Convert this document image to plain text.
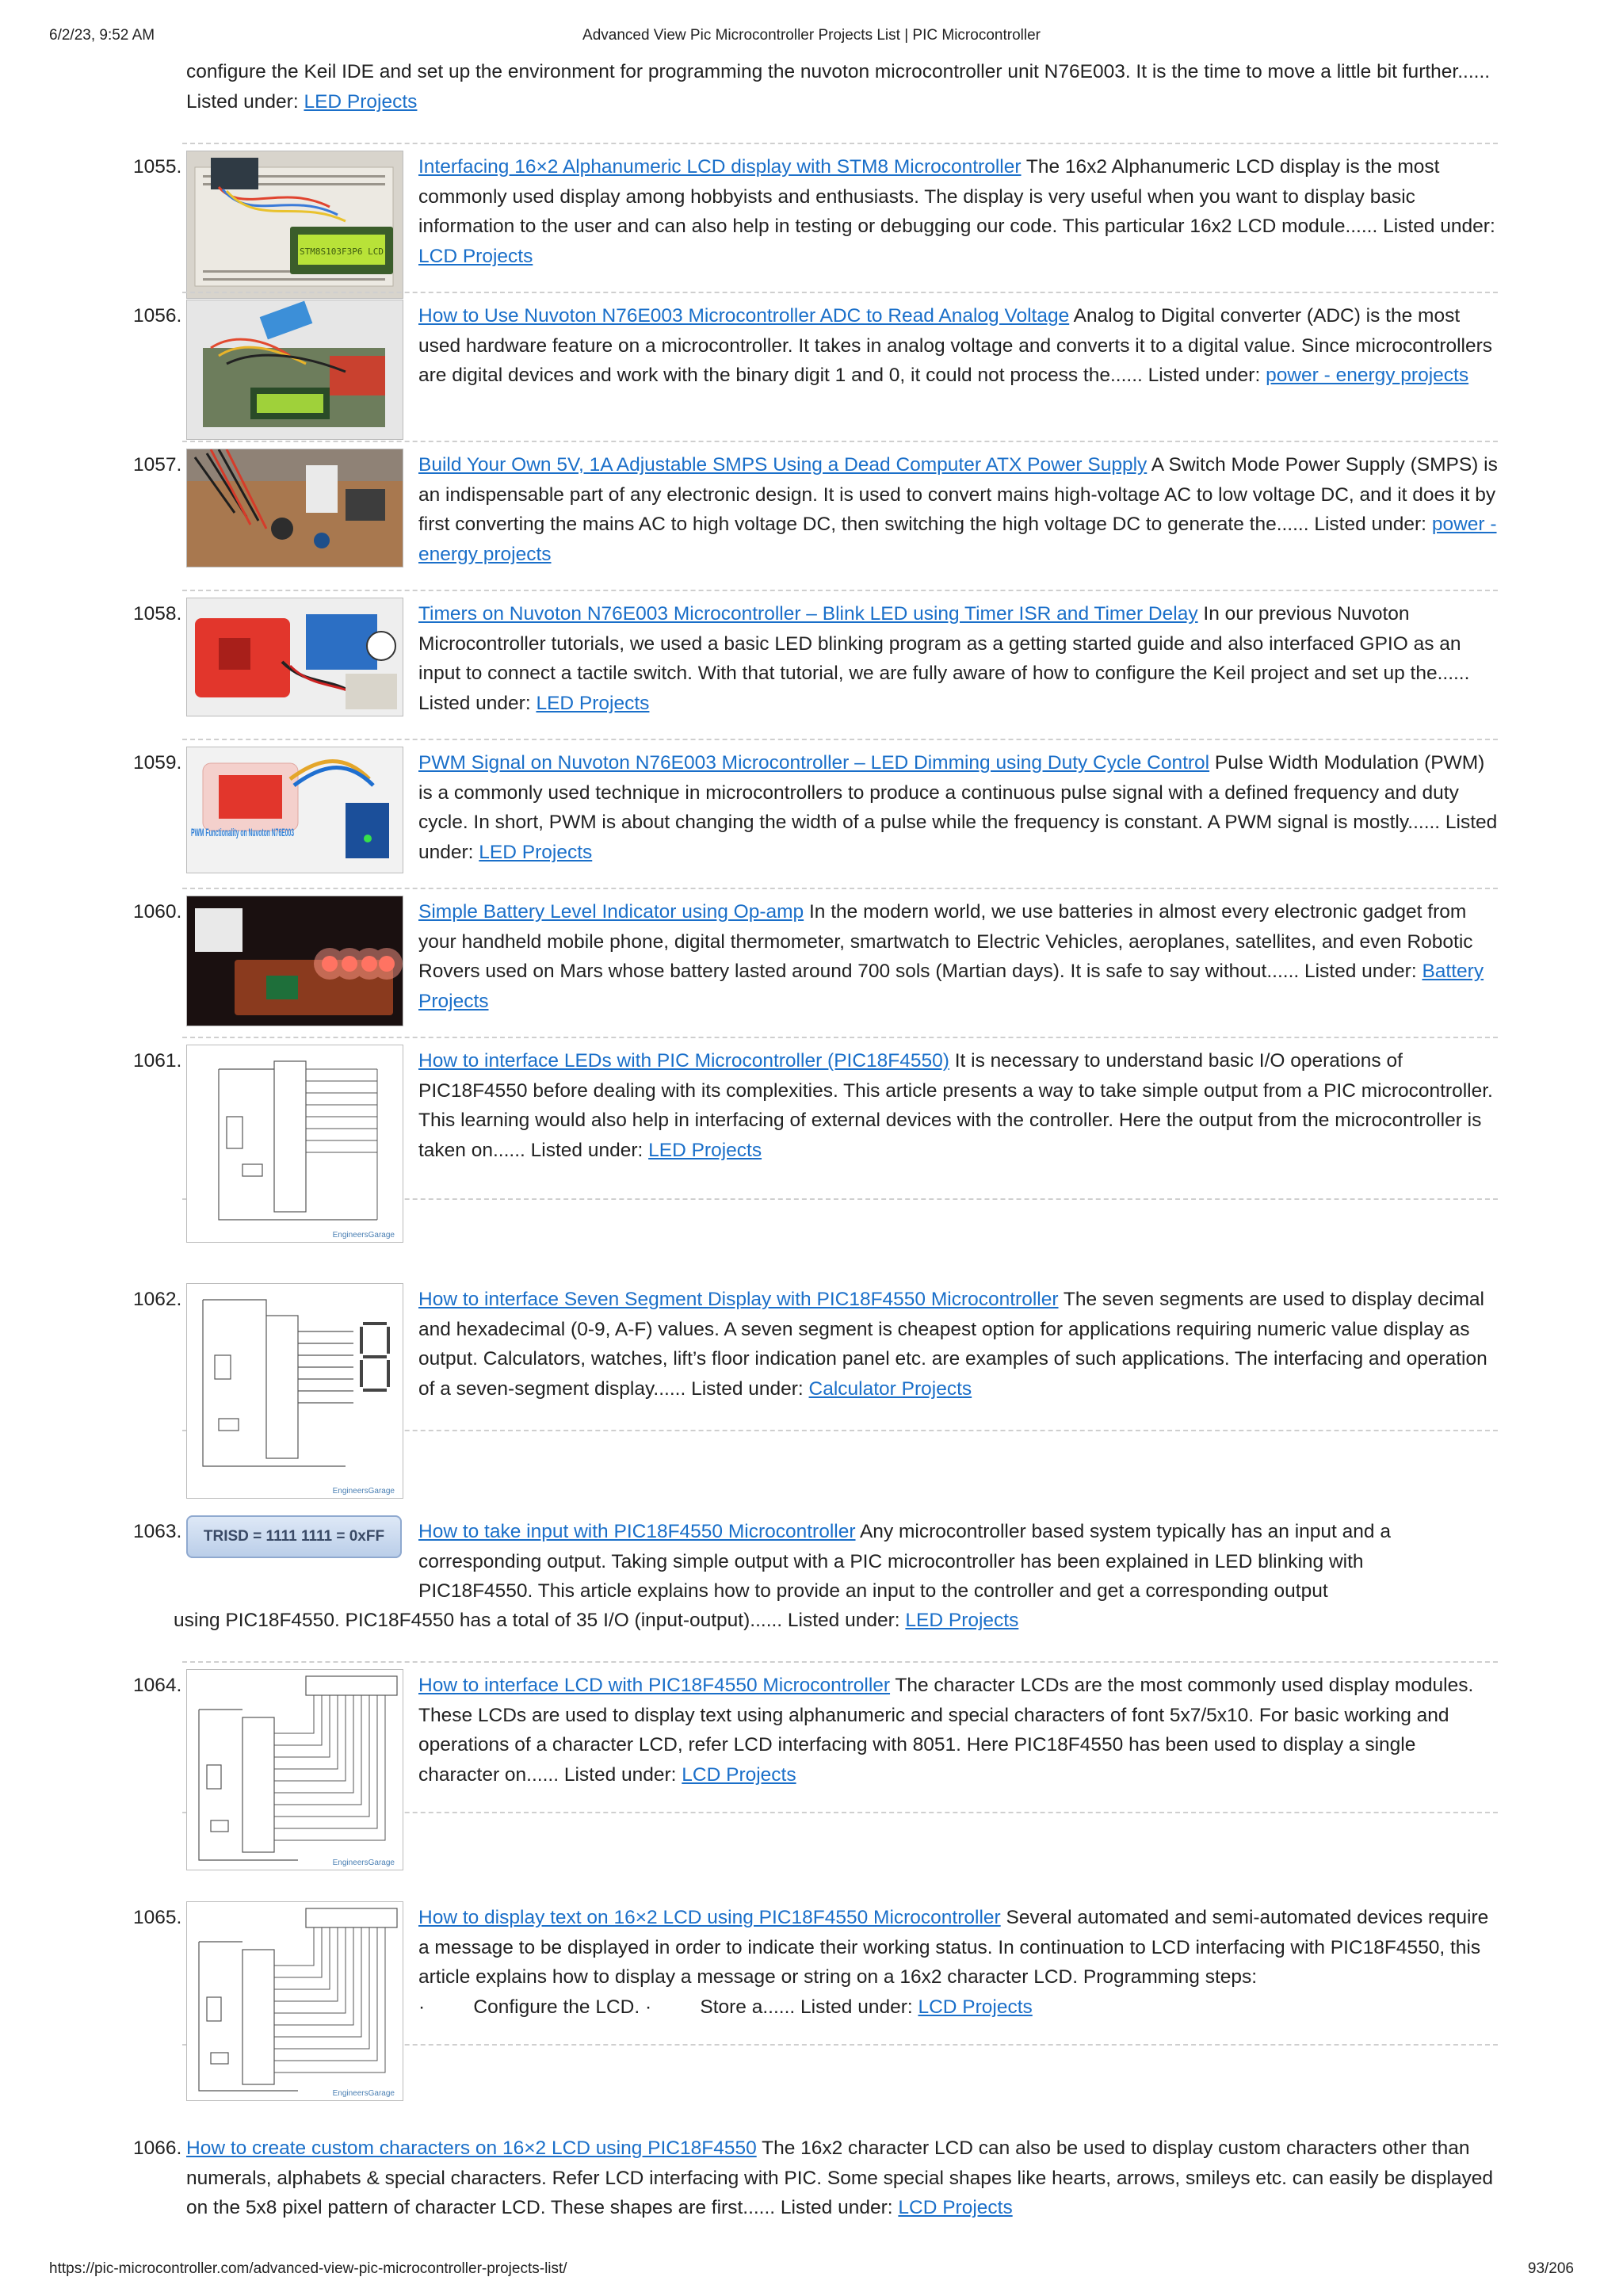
6/2/23, 9:52 AM	Advanced View Pic Microcontroller Projects List | PIC Microcontroller
configure the Keil IDE and set up the environment for programming the nuvoton microcontroller unit N76E003. It is the time to move a little bit further...... Listed under: LED Projects
1055.
STM8S103F3P6 LCD
Interfacing 16×2 Alphanumeric LCD display with STM8 Microcontroller The 16x2 Alphanumeric LCD display is the most commonly used display among hobbyists and enthusiasts. The display is very useful when you want to display basic information to the user and can also help in testing or debugging our code. This particular 16x2 LCD module...... Listed under: LCD Projects
1056.	How to Use Nuvoton N76E003 Microcontroller ADC to Read Analog Voltage Analog to Digital converter (ADC) is the most used hardware feature on a microcontroller. It takes in analog voltage and converts it to a digital value. Since microcontrollers are digital devices and work with the binary digit 1 and 0, it could not process the...... Listed under: power - energy projects
1057.	Build Your Own 5V, 1A Adjustable SMPS Using a Dead Computer ATX Power Supply A Switch Mode Power Supply (SMPS) is an indispensable part of any electronic design. It is used to convert mains high-voltage AC to low voltage DC, and it does it by first converting the mains AC to high voltage DC, then switching the high voltage DC to generate the...... Listed under: power - energy projects
1058.	Timers on Nuvoton N76E003 Microcontroller – Blink LED using Timer ISR and Timer Delay In our previous Nuvoton Microcontroller tutorials, we used a basic LED blinking program as a getting started guide and also interfaced GPIO as an input to connect a tactile switch. With that tutorial, we are fully aware of how to configure the Keil project and set up the...... Listed under: LED Projects
1059.
PWM Functionality on Nuvoton N76E003
PWM Signal on Nuvoton N76E003 Microcontroller – LED Dimming using Duty Cycle Control Pulse Width Modulation (PWM) is a commonly used technique in microcontrollers to produce a continuous pulse signal with a defined frequency and duty cycle. In short, PWM is about changing the width of a pulse while the frequency is constant. A PWM signal is mostly...... Listed under: LED Projects
1060.	Simple Battery Level Indicator using Op-amp In the modern world, we use batteries in almost every electronic gadget from your handheld mobile phone, digital thermometer, smartwatch to Electric Vehicles, aeroplanes, satellites, and even Robotic Rovers used on Mars whose battery lasted around 700 sols (Martian days). It is safe to say without...... Listed under: Battery Projects
1061.
EngineersGarage
How to interface LEDs with PIC Microcontroller (PIC18F4550) It is necessary to understand basic I/O operations of PIC18F4550 before dealing with its complexities. This article presents a way to take simple output from a PIC microcontroller. This learning would also help in interfacing of external devices with the controller. Here the output from the microcontroller is taken on...... Listed under: LED Projects
1062.
EngineersGarage
How to interface Seven Segment Display with PIC18F4550 Microcontroller The seven segments are used to display decimal and hexadecimal (0-9, A-F) values. A seven segment is cheapest option for applications requiring numeric value display as output. Calculators, watches, lift’s floor indication panel etc. are examples of such applications. The interfacing and operation of a seven-segment display...... Listed under: Calculator Projects
1063.	TRISD = 1111 1111 = 0xFF	How to take input with PIC18F4550 Microcontroller Any microcontroller based system typically has an input and a
corresponding output. Taking simple output with a PIC microcontroller has been explained in LED blinking with
PIC18F4550. This article explains how to provide an input to the controller and get a corresponding output
using PIC18F4550. PIC18F4550 has a total of 35 I/O (input-output)...... Listed under: LED Projects
1064.
EngineersGarage
How to interface LCD with PIC18F4550 Microcontroller The character LCDs are the most commonly used display modules. These LCDs are used to display text using alphanumeric and special characters of font 5x7/5x10. For basic working and operations of a character LCD, refer LCD interfacing with 8051. Here PIC18F4550 has been used to display a single character on...... Listed under: LCD Projects
1065.
EngineersGarage
How to display text on 16×2 LCD using PIC18F4550 Microcontroller Several automated and semi-automated devices require a message to be displayed in order to indicate their working status. In continuation to LCD interfacing with PIC18F4550, this article explains how to display a message or string on a 16x2 character LCD. Programming steps:
·         Configure the LCD. ·         Store a...... Listed under: LCD Projects
1066. How to create custom characters on 16×2 LCD using PIC18F4550 The 16x2 character LCD can also be used to display custom characters other than numerals, alphabets & special characters. Refer LCD interfacing with PIC. Some special shapes like hearts, arrows, smileys etc. can easily be displayed on the 5x8 pixel pattern of character LCD. These shapes are first...... Listed under: LCD Projects
https://pic-microcontroller.com/advanced-view-pic-microcontroller-projects-list/	93/206
